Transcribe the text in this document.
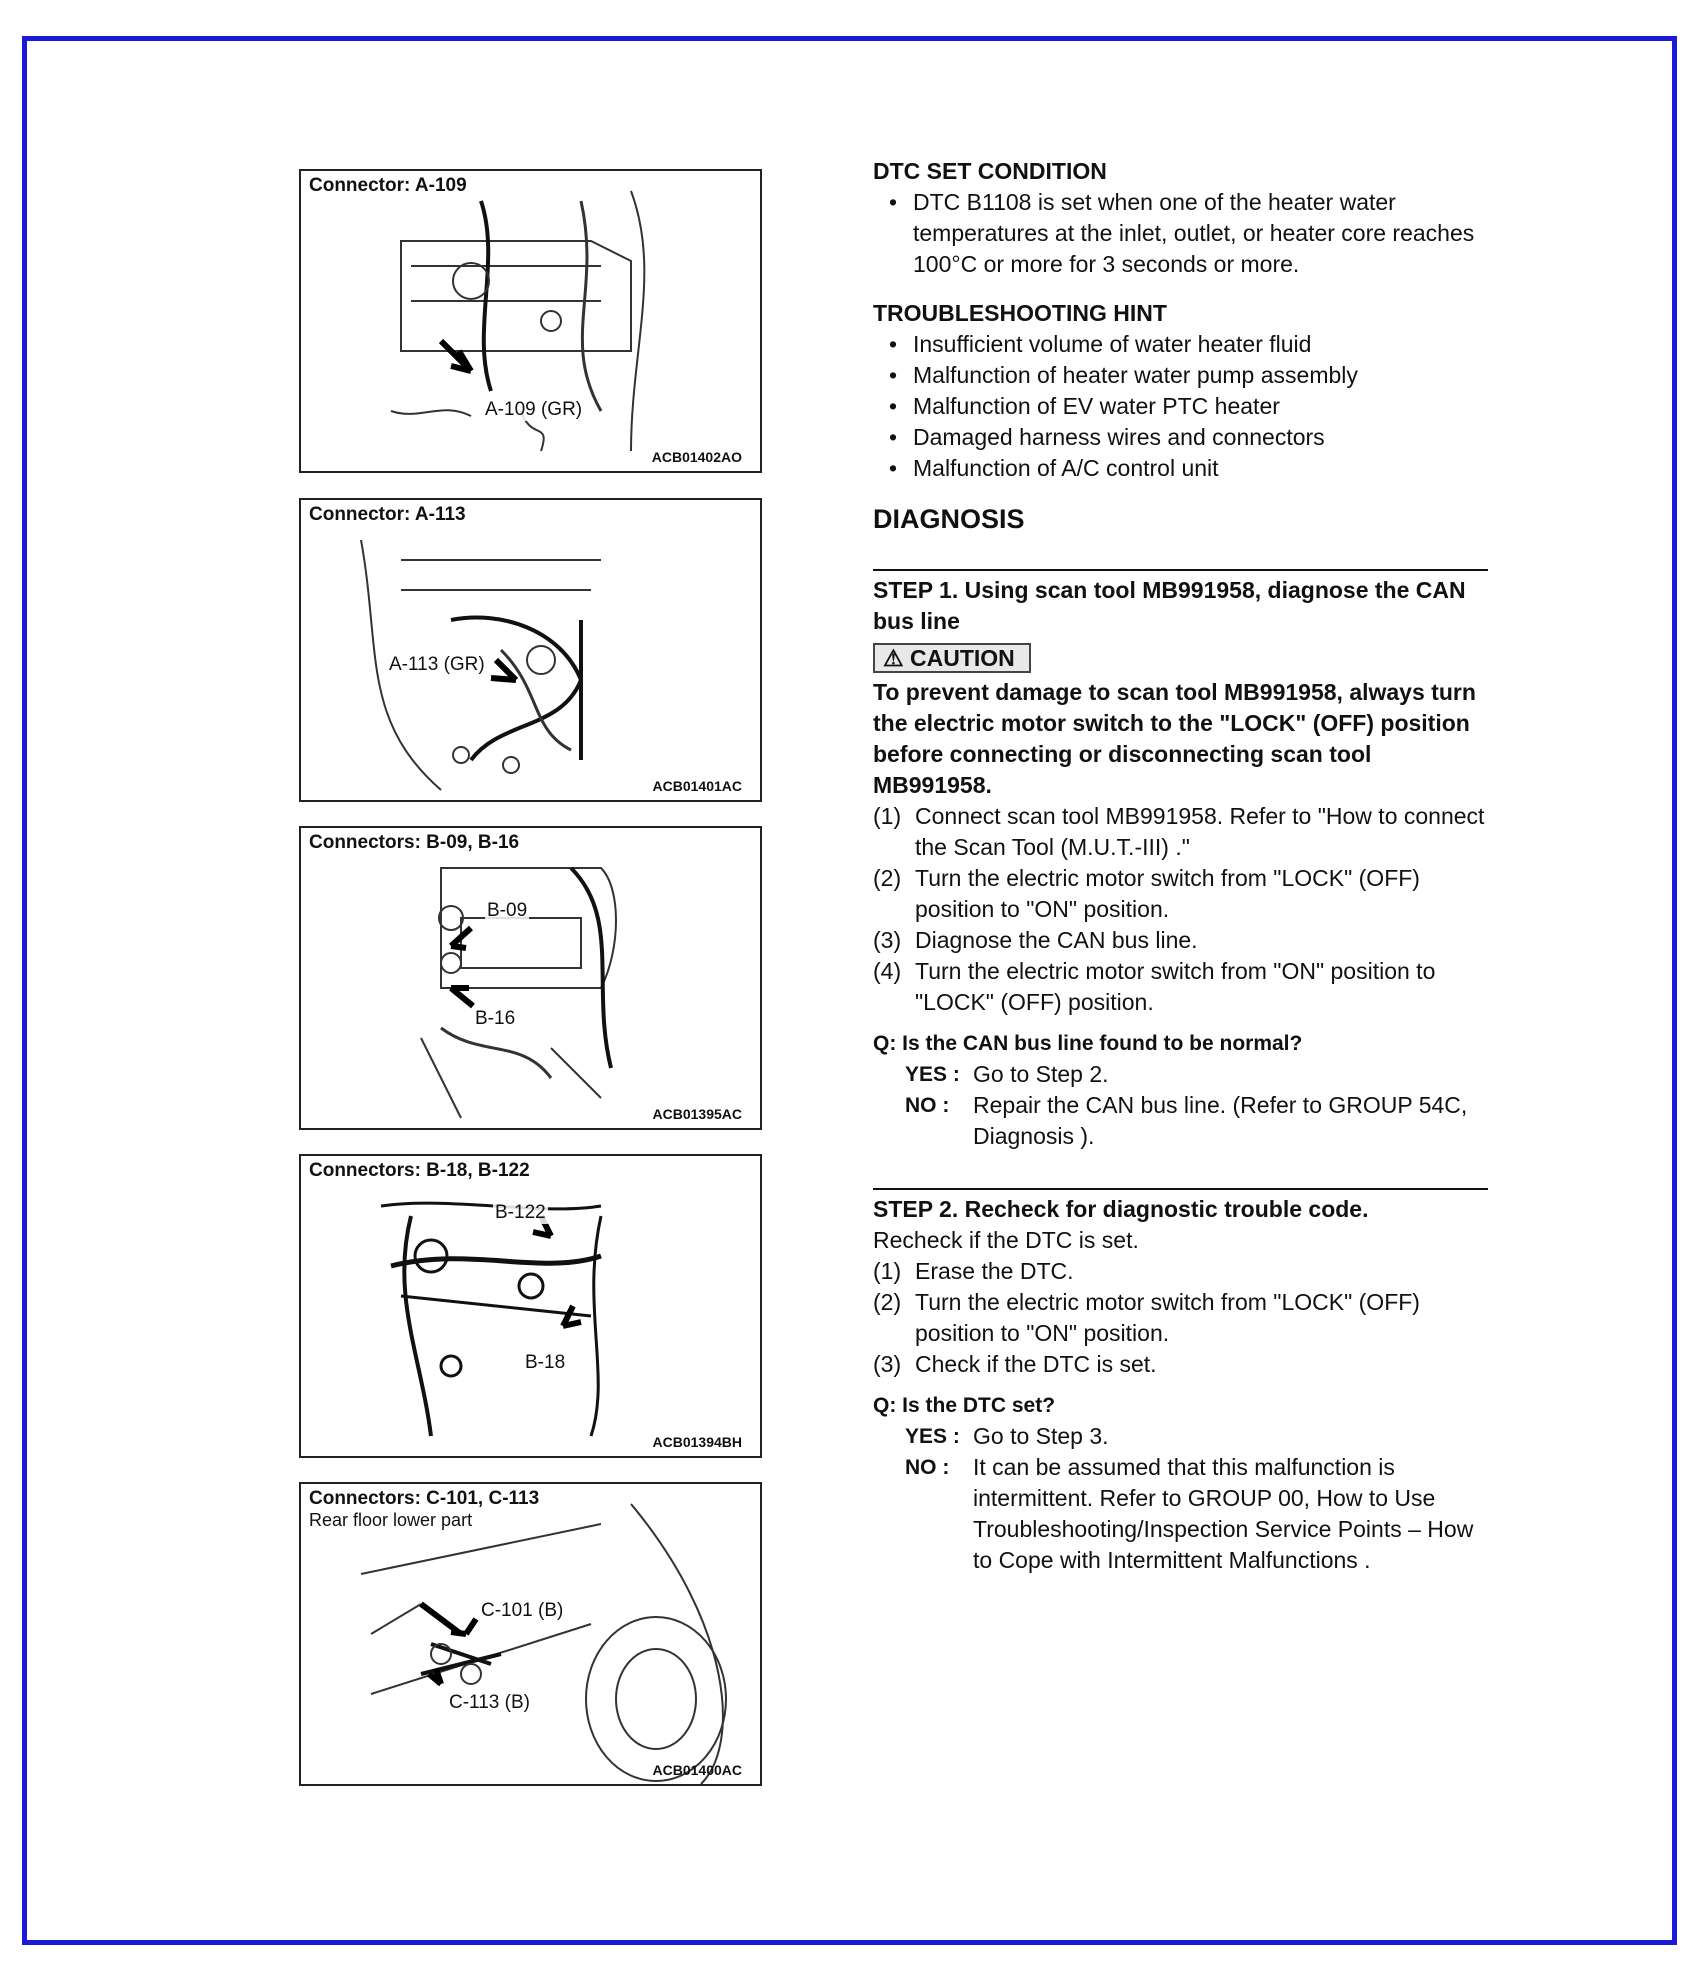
Connector: A-109
A-109 (GR)
ACB01402AO
Connector: A-113
A-113 (GR)
ACB01401AC
Connectors: B-09, B-16
B-09
B-16
ACB01395AC
Connectors: B-18, B-122
B-122
B-18
ACB01394BH
Connectors: C-101, C-113
Rear floor lower part
C-101 (B)
C-113 (B)
ACB01400AC
DTC SET CONDITION
• DTC B1108 is set when one of the heater water temperatures at the inlet, outlet, or heater core reaches 100°C or more for 3 seconds or more.
TROUBLESHOOTING HINT
• Insufficient volume of water heater fluid
• Malfunction of heater water pump assembly
• Malfunction of EV water PTC heater
• Damaged harness wires and connectors
• Malfunction of A/C control unit
DIAGNOSIS
STEP 1. Using scan tool MB991958, diagnose the CAN bus line
⚠ CAUTION
To prevent damage to scan tool MB991958, always turn the electric motor switch to the "LOCK" (OFF) position before connecting or disconnecting scan tool MB991958.
(1) Connect scan tool MB991958. Refer to "How to connect the Scan Tool (M.U.T.-III) ."
(2) Turn the electric motor switch from "LOCK" (OFF) position to "ON" position.
(3) Diagnose the CAN bus line.
(4) Turn the electric motor switch from "ON" position to "LOCK" (OFF) position.
Q: Is the CAN bus line found to be normal?
YES : Go to Step 2.
NO : Repair the CAN bus line. (Refer to GROUP 54C, Diagnosis ).
STEP 2. Recheck for diagnostic trouble code.
Recheck if the DTC is set.
(1) Erase the DTC.
(2) Turn the electric motor switch from "LOCK" (OFF) position to "ON" position.
(3) Check if the DTC is set.
Q: Is the DTC set?
YES : Go to Step 3.
NO : It can be assumed that this malfunction is intermittent. Refer to GROUP 00, How to Use Troubleshooting/Inspection Service Points – How to Cope with Intermittent Malfunctions .
